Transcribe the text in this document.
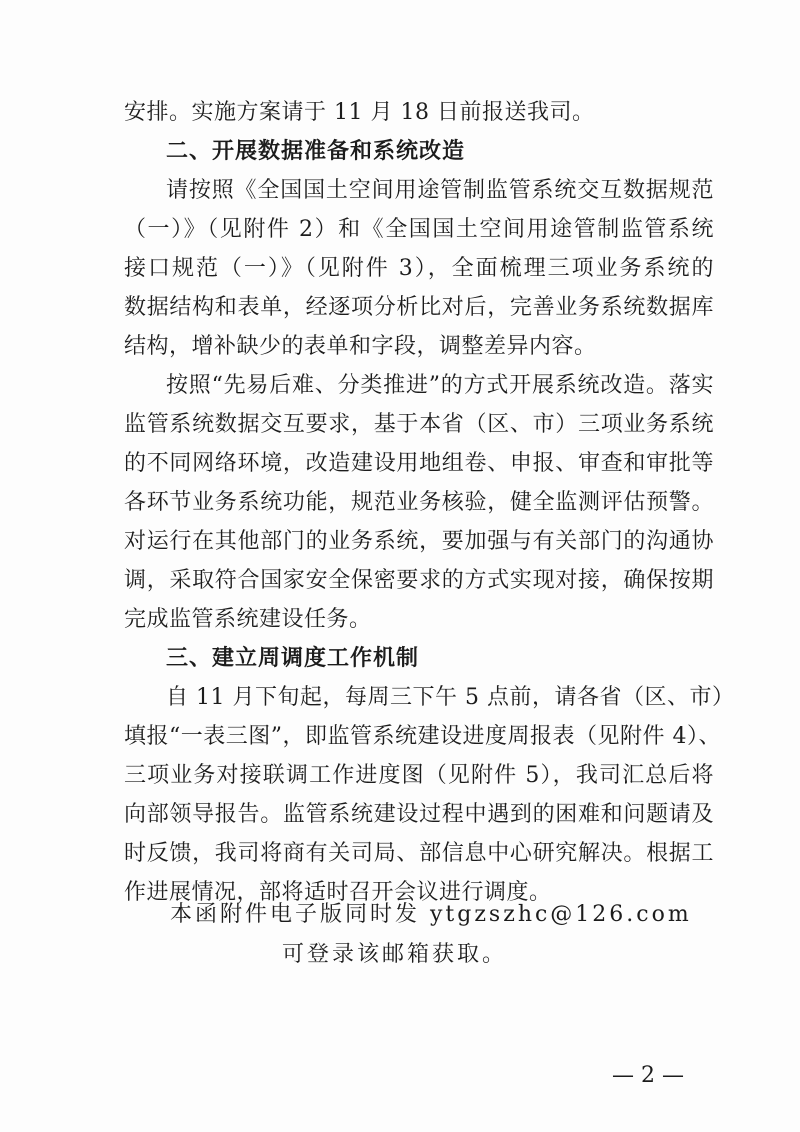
安排。实施方案请于 11 月 18 日前报送我司。
二、开展数据准备和系统改造
请按照《全国国土空间用途管制监管系统交互数据规范
（一）》（见附件 2）和《全国国土空间用途管制监管系统
接口规范（一）》（见附件 3），全面梳理三项业务系统的
数据结构和表单，经逐项分析比对后，完善业务系统数据库
结构，增补缺少的表单和字段，调整差异内容。
按照“先易后难、分类推进”的方式开展系统改造。落实
监管系统数据交互要求，基于本省（区、市）三项业务系统
的不同网络环境，改造建设用地组卷、申报、审查和审批等
各环节业务系统功能，规范业务核验，健全监测评估预警。
对运行在其他部门的业务系统，要加强与有关部门的沟通协
调，采取符合国家安全保密要求的方式实现对接，确保按期
完成监管系统建设任务。
三、建立周调度工作机制
自 11 月下旬起，每周三下午 5 点前，请各省（区、市）
填报“一表三图”，即监管系统建设进度周报表（见附件 4）、
三项业务对接联调工作进度图（见附件 5），我司汇总后将
向部领导报告。监管系统建设过程中遇到的困难和问题请及
时反馈，我司将商有关司局、部信息中心研究解决。根据工
作进展情况，部将适时召开会议进行调度。
本函附件电子版同时发 ytgzszhc@126.com
可登录该邮箱获取。
— 2 —
